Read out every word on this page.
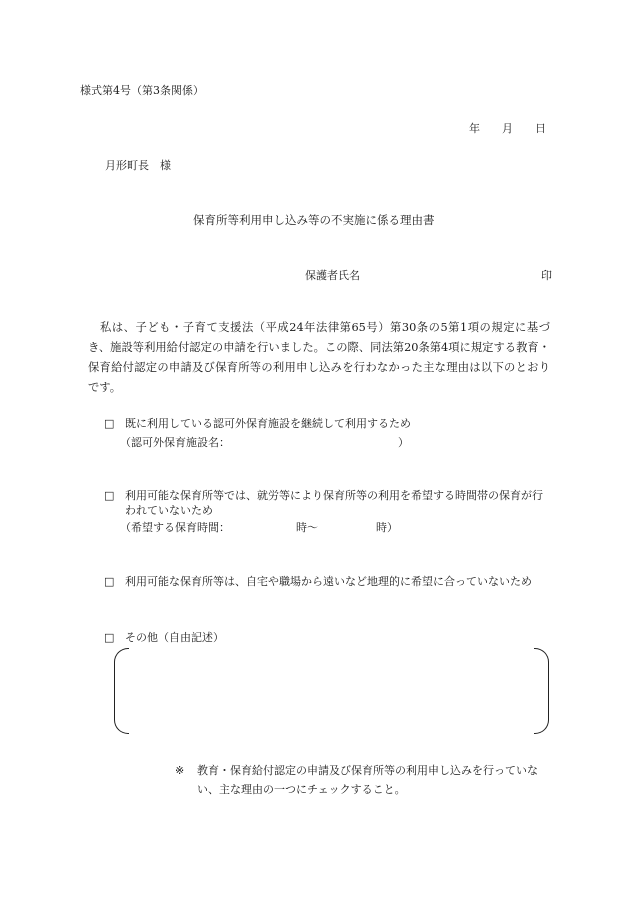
様式第4号（第3条関係）
年　　月　　日
月形町長　様
保育所等利用申し込み等の不実施に係る理由書
保護者氏名	印
私は、子ども・子育て支援法（平成24年法律第65号）第30条の5第1項の規定に基づき、施設等利用給付認定の申請を行いました。この際、同法第20条第4項に規定する教育・保育給付認定の申請及び保育所等の利用申し込みを行わなかった主な理由は以下のとおりです。
□ 既に利用している認可外保育施設を継続して利用するため
（認可外保育施設名：	）
□ 利用可能な保育所等では、就労等により保育所等の利用を希望する時間帯の保育が行われていないため
（希望する保育時間：	時～	時）
□ 利用可能な保育所等は、自宅や職場から遠いなど地理的に希望に合っていないため
□ その他（自由記述）
※ 教育・保育給付認定の申請及び保育所等の利用申し込みを行っていない、主な理由の一つにチェックすること。
